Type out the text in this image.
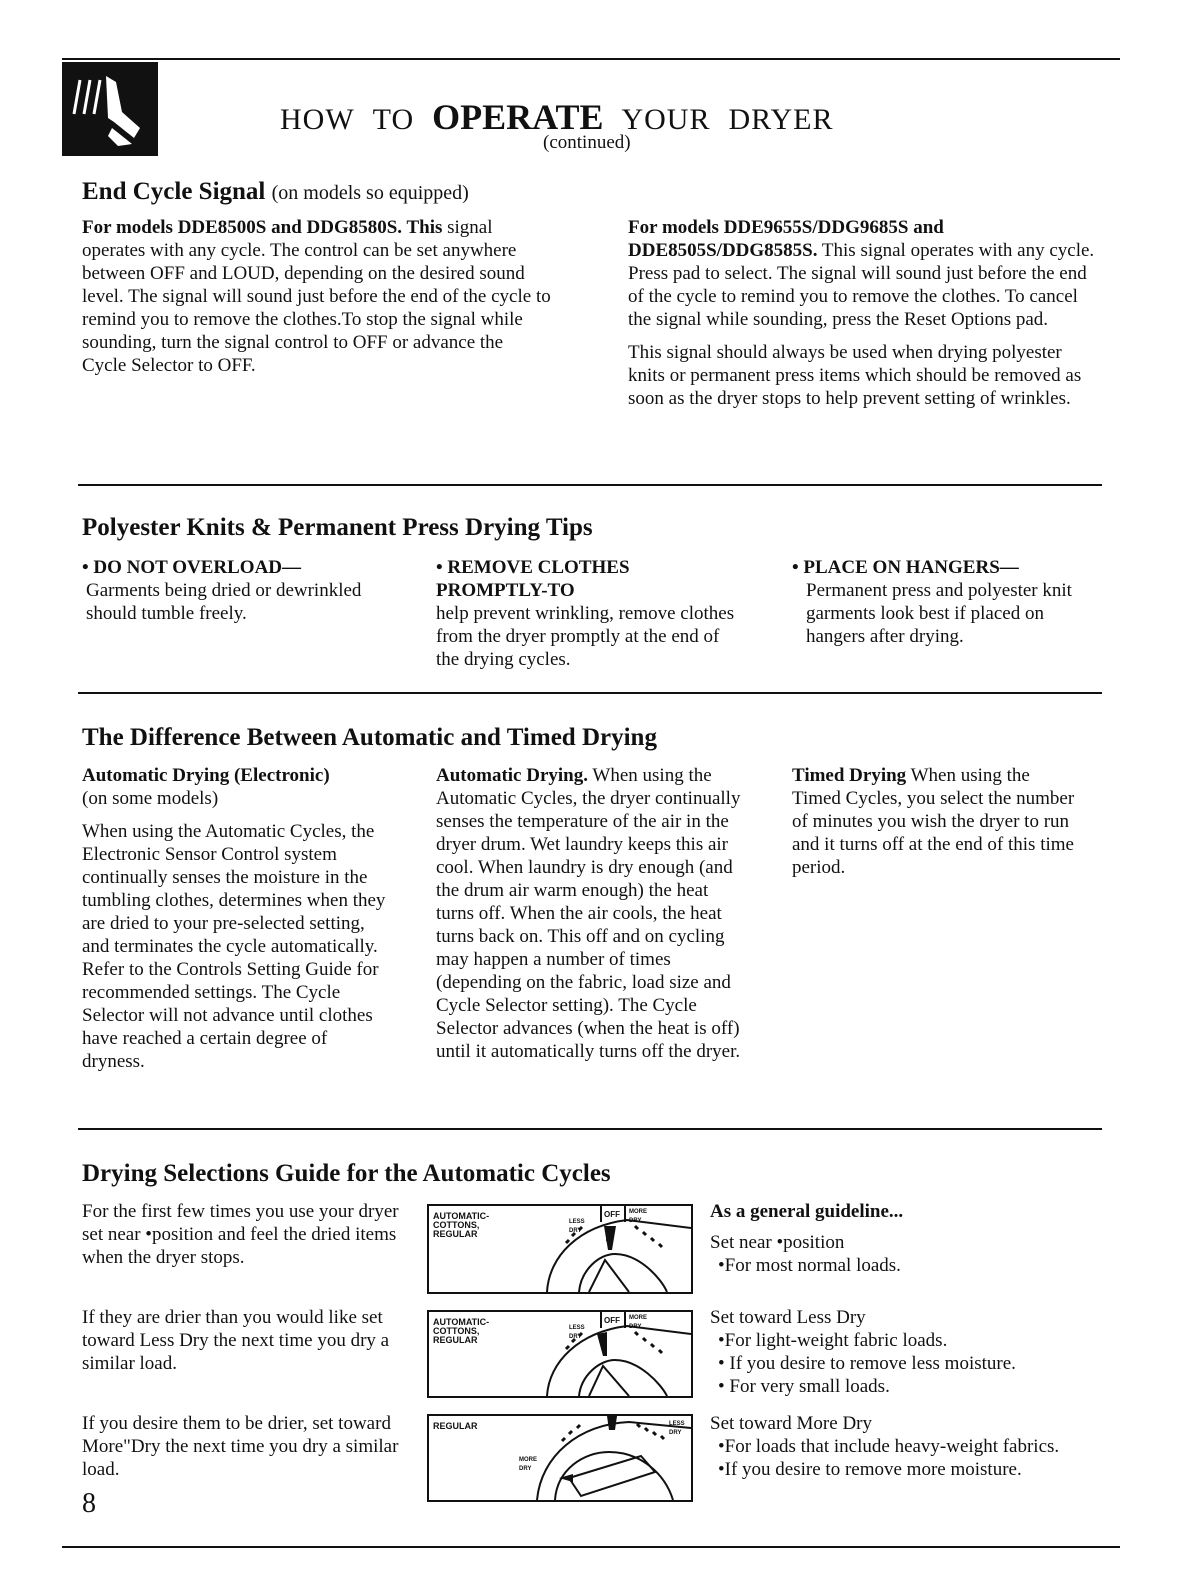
HOW TO OPERATE YOUR DRYER
(continued)
End Cycle Signal (on models so equipped)

For models DDE8500S and DDG8580S. This signal operates with any cycle. The control can be set anywhere between OFF and LOUD, depending on the desired sound level. The signal will sound just before the end of the cycle to remind you to remove the clothes.To stop the signal while sounding, turn the signal control to OFF or advance the Cycle Selector to OFF.

For models DDE9655S/DDG9685S and DDE8505S/DDG8585S. This signal operates with any cycle. Press pad to select. The signal will sound just before the end of the cycle to remind you to remove the clothes. To cancel the signal while sounding, press the Reset Options pad.

This signal should always be used when drying polyester knits or permanent press items which should be removed as soon as the dryer stops to help prevent setting of wrinkles.

Polyester Knits & Permanent Press Drying Tips
• DO NOT OVERLOAD—
Garments being dried or dewrinkled should tumble freely.
• REMOVE CLOTHES PROMPTLY-TO
help prevent wrinkling, remove clothes from the dryer promptly at the end of the drying cycles.
• PLACE ON HANGERS—
Permanent press and polyester knit garments look best if placed on hangers after drying.
The Difference Between Automatic and Timed Drying
Automatic Drying (Electronic)

(on some models)

When using the Automatic Cycles, the Electronic Sensor Control system continually senses the moisture in the tumbling clothes, determines when they are dried to your pre-selected setting, and terminates the cycle automatically. Refer to the Controls Setting Guide for recommended settings. The Cycle Selector will not advance until clothes have reached a certain degree of dryness.

Automatic Drying. When using the Automatic Cycles, the dryer continually senses the temperature of the air in the dryer drum. Wet laundry keeps this air cool. When laundry is dry enough (and the drum air warm enough) the heat turns off. When the air cools, the heat turns back on. This off and on cycling may happen a number of times (depending on the fabric, load size and Cycle Selector setting). The Cycle Selector advances (when the heat is off) until it automatically turns off the dryer.

Timed Drying When using the Timed Cycles, you select the number of minutes you wish the dryer to run and it turns off at the end of this time period.

Drying Selections Guide for the Automatic Cycles
For the first few times you use your dryer set near •position and feel the dried items when the dryer stops.
If they are drier than you would like set toward Less Dry the next time you dry a similar load.
If you desire them to be drier, set toward More"Dry the next time you dry a similar load.
As a general guideline...
Set near •position
•For most normal loads.
Set toward Less Dry
•For light-weight fabric loads.
• If you desire to remove less moisture.
• For very small loads.
Set toward More Dry
•For loads that include heavy-weight fabrics.
•If you desire to remove more moisture.
AUTOMATIC-
COTTONS,
REGULAR
OFF MORE
DRY
LESS
DRY
AUTOMATIC-
COTTONS,
REGULAR
OFF MORE
DRY
LESS
DRY
REGULAR
MORE
DRY
LESS
DRY
8
